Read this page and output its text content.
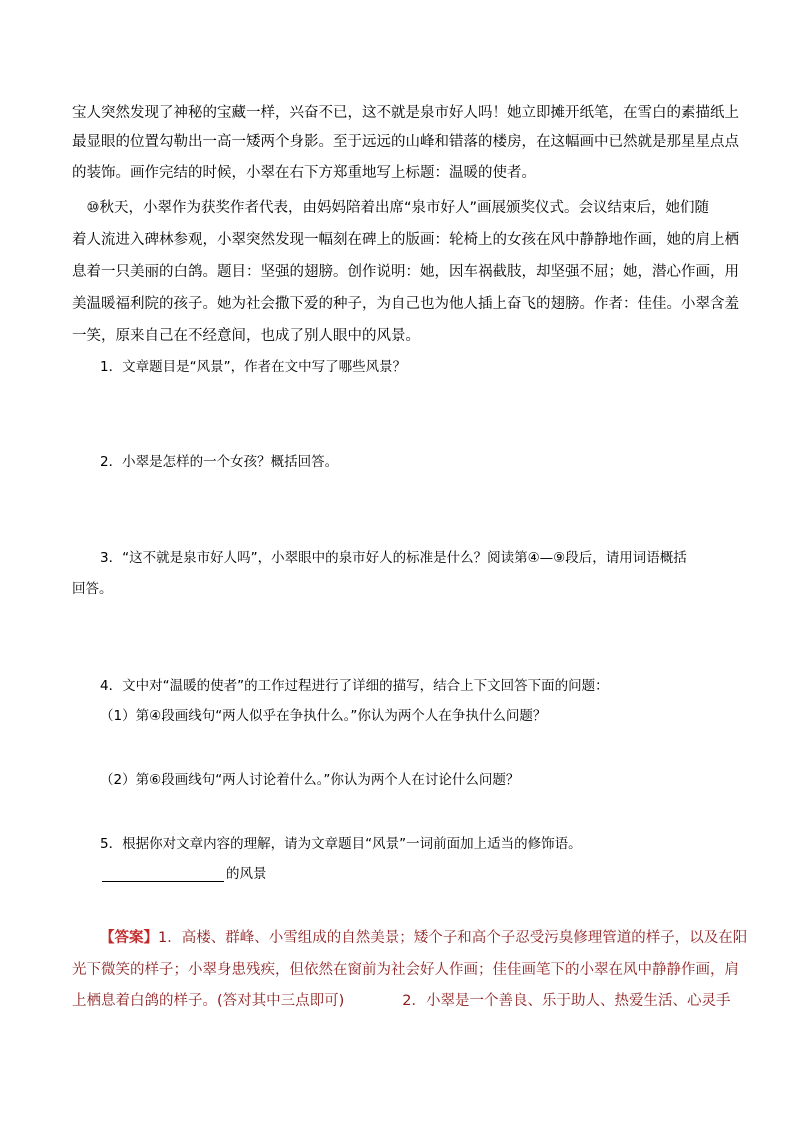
宝人突然发现了神秘的宝藏一样，兴奋不已，这不就是泉市好人吗！她立即摊开纸笔，在雪白的素描纸上
最显眼的位置勾勒出一高一矮两个身影。至于远远的山峰和错落的楼房，在这幅画中已然就是那星星点点
的装饰。画作完结的时候，小翠在右下方郑重地写上标题：温暖的使者。
　⑩秋天，小翠作为获奖作者代表，由妈妈陪着出席“泉市好人”画展颁奖仪式。会议结束后，她们随
着人流进入碑林参观，小翠突然发现一幅刻在碑上的版画：轮椅上的女孩在风中静静地作画，她的肩上栖
息着一只美丽的白鸽。题目：坚强的翅膀。创作说明：她，因车祸截肢，却坚强不屈；她，潜心作画，用
美温暖福利院的孩子。她为社会撒下爱的种子，为自己也为他人插上奋飞的翅膀。作者：佳佳。小翠含羞
一笑，原来自己在不经意间，也成了别人眼中的风景。
1．文章题目是“风景”，作者在文中写了哪些风景？
2．小翠是怎样的一个女孩？概括回答。
3．“这不就是泉市好人吗”，小翠眼中的泉市好人的标准是什么？阅读第④—⑨段后，请用词语概括
回答。
4．文中对“温暖的使者”的工作过程进行了详细的描写，结合上下文回答下面的问题：
（1）第④段画线句“两人似乎在争执什么。”你认为两个人在争执什么问题？
（2）第⑥段画线句“两人讨论着什么。”你认为两个人在讨论什么问题？
5．根据你对文章内容的理解，请为文章题目“风景”一词前面加上适当的修饰语。
的风景
【答案】1．高楼、群峰、小雪组成的自然美景；矮个子和高个子忍受污臭修理管道的样子，以及在阳
光下微笑的样子；小翠身患残疾，但依然在窗前为社会好人作画；佳佳画笔下的小翠在风中静静作画，肩
上栖息着白鸽的样子。(答对其中三点即可)　　　　2．小翠是一个善良、乐于助人、热爱生活、心灵手
